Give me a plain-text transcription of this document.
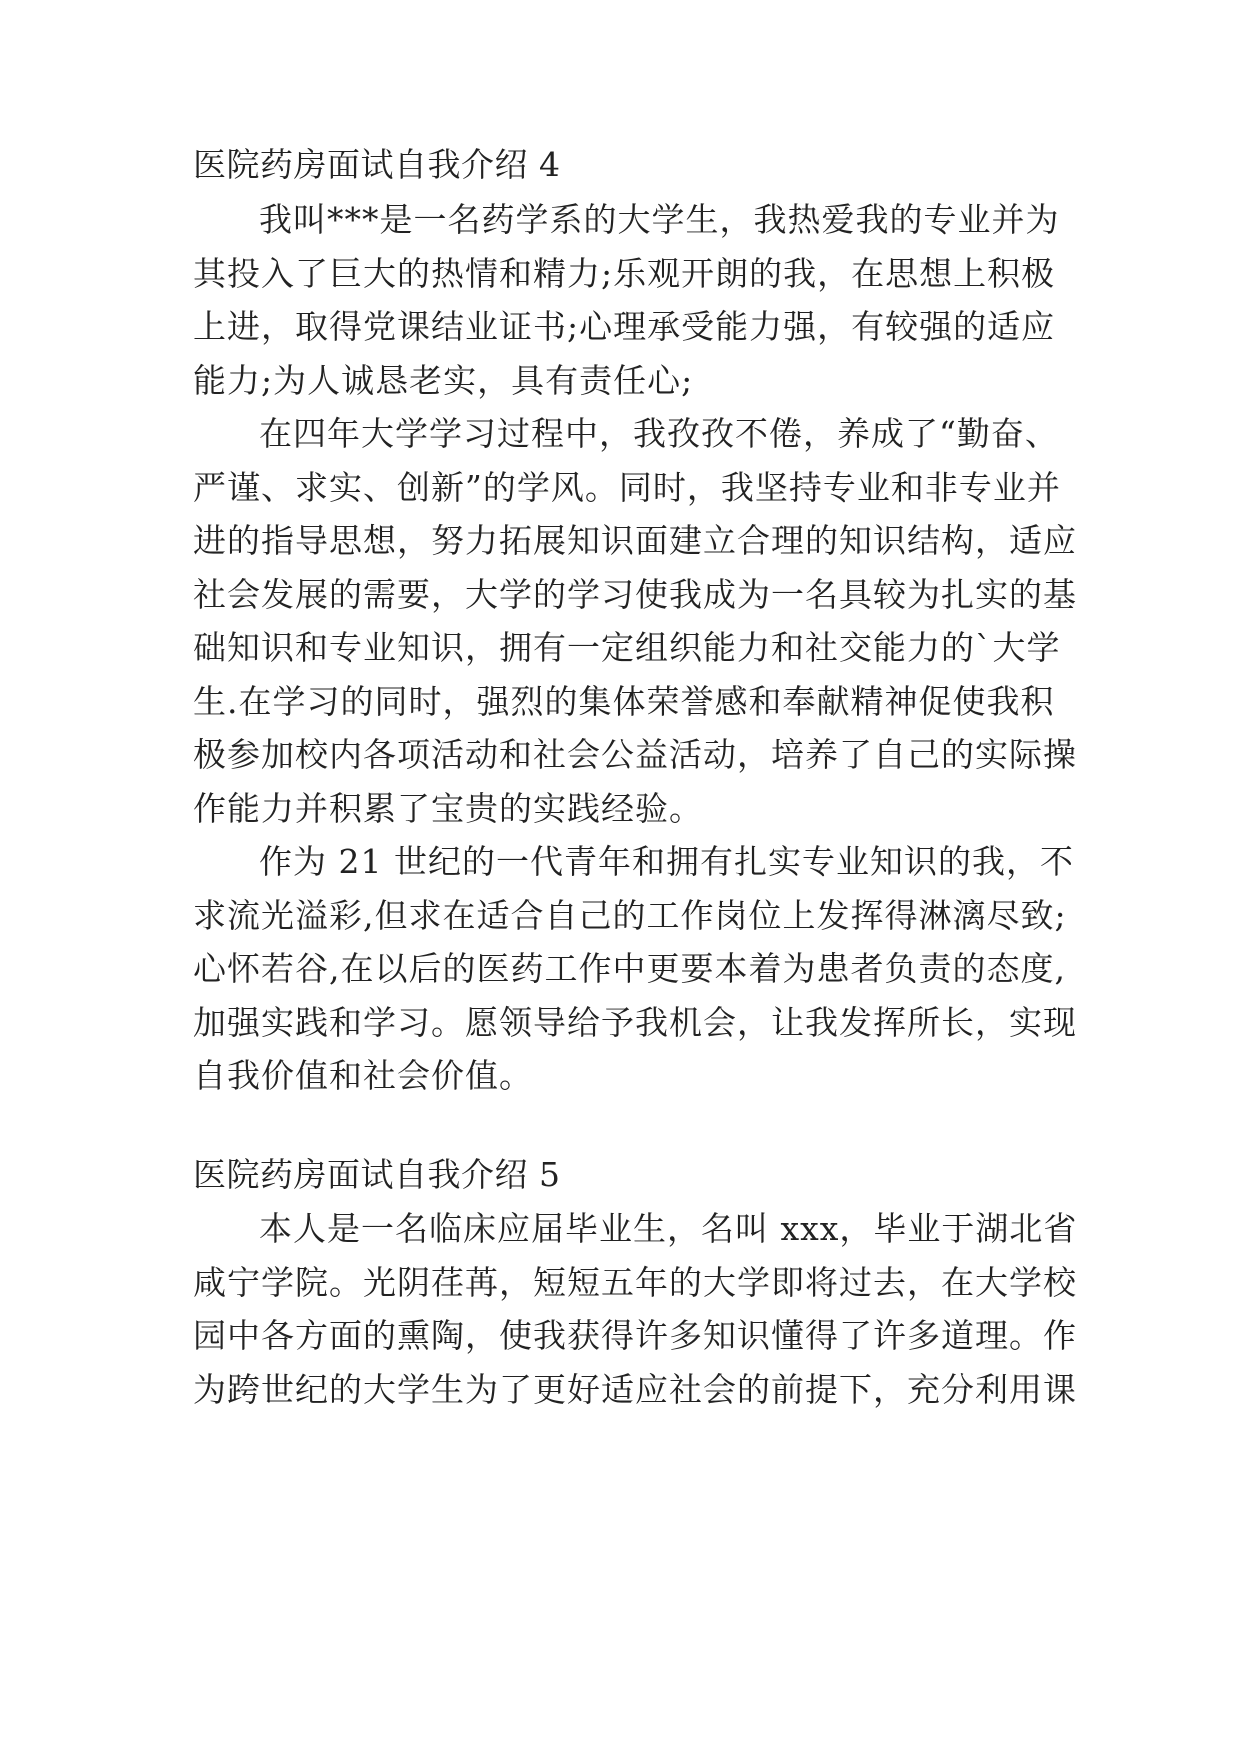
医院药房面试自我介绍 4
我叫***是一名药学系的大学生，我热爱我的专业并为
其投入了巨大的热情和精力;乐观开朗的我，在思想上积极
上进，取得党课结业证书;心理承受能力强，有较强的适应
能力;为人诚恳老实，具有责任心;
在四年大学学习过程中，我孜孜不倦，养成了“勤奋、
严谨、求实、创新”的学风。同时，我坚持专业和非专业并
进的指导思想，努力拓展知识面建立合理的知识结构，适应
社会发展的需要，大学的学习使我成为一名具较为扎实的基
础知识和专业知识，拥有一定组织能力和社交能力的`大学
生.在学习的同时，强烈的集体荣誉感和奉献精神促使我积
极参加校内各项活动和社会公益活动，培养了自己的实际操
作能力并积累了宝贵的实践经验。
作为 21 世纪的一代青年和拥有扎实专业知识的我，不
求流光溢彩,但求在适合自己的工作岗位上发挥得淋漓尽致;
心怀若谷,在以后的医药工作中更要本着为患者负责的态度,
加强实践和学习。愿领导给予我机会，让我发挥所长，实现
自我价值和社会价值。
医院药房面试自我介绍 5
本人是一名临床应届毕业生，名叫 xxx，毕业于湖北省
咸宁学院。光阴荏苒，短短五年的大学即将过去，在大学校
园中各方面的熏陶，使我获得许多知识懂得了许多道理。作
为跨世纪的大学生为了更好适应社会的前提下，充分利用课
